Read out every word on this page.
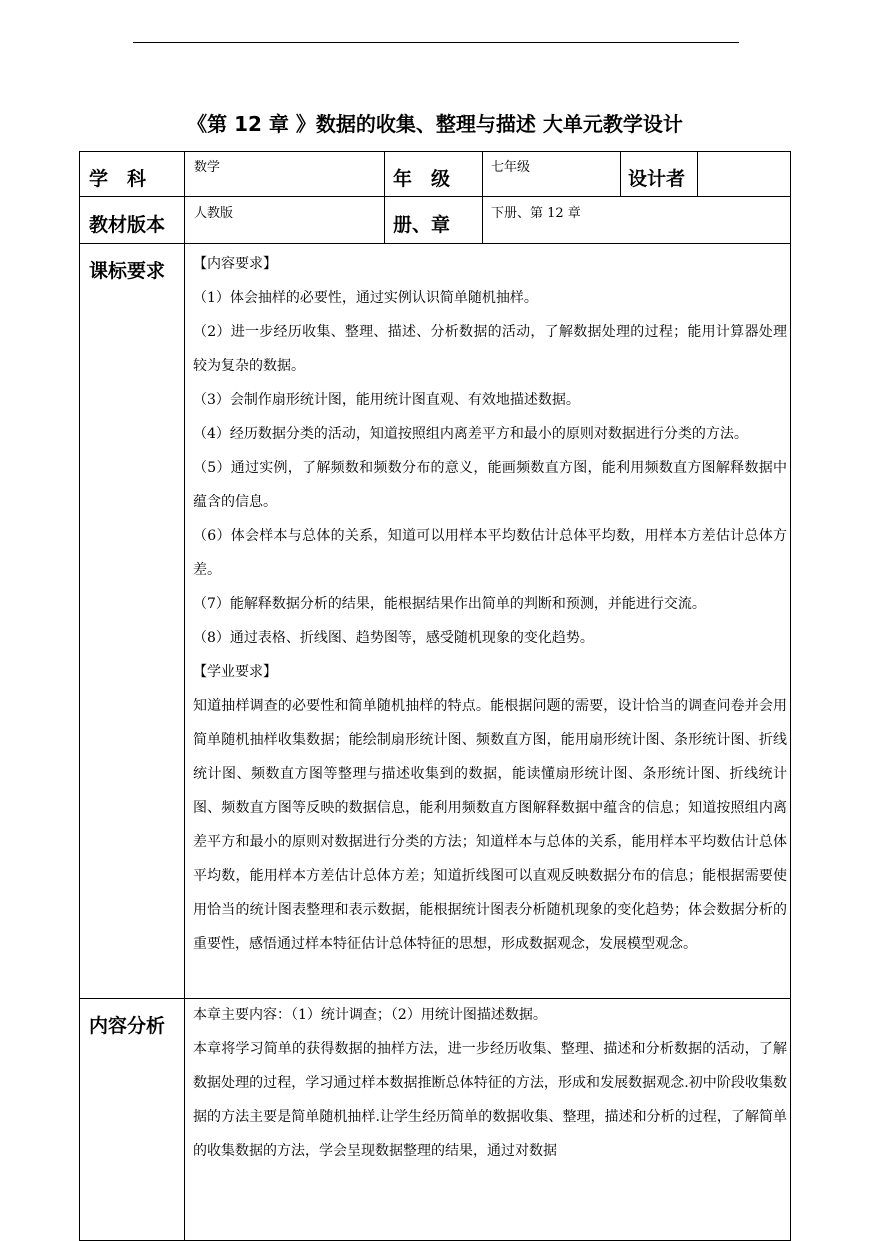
《第 12 章 》数据的收集、整理与描述 大单元教学设计
学　科
数学
年　级
七年级
设计者
教材版本
人教版
册、章
下册、第 12 章
课标要求 【内容要求】

（1）体会抽样的必要性，通过实例认识简单随机抽样。

（2）进一步经历收集、整理、描述、分析数据的活动，了解数据处理的过程；能用计算器处理较为复杂的数据。

（3）会制作扇形统计图，能用统计图直观、有效地描述数据。

（4）经历数据分类的活动，知道按照组内离差平方和最小的原则对数据进行分类的方法。

（5）通过实例，了解频数和频数分布的意义，能画频数直方图，能利用频数直方图解释数据中蕴含的信息。

（6）体会样本与总体的关系，知道可以用样本平均数估计总体平均数，用样本方差估计总体方差。

（7）能解释数据分析的结果，能根据结果作出简单的判断和预测，并能进行交流。

（8）通过表格、折线图、趋势图等，感受随机现象的变化趋势。

【学业要求】

知道抽样调查的必要性和简单随机抽样的特点。能根据问题的需要，设计恰当的调查问卷并会用简单随机抽样收集数据；能绘制扇形统计图、频数直方图，能用扇形统计图、条形统计图、折线统计图、频数直方图等整理与描述收集到的数据，能读懂扇形统计图、条形统计图、折线统计图、频数直方图等反映的数据信息，能利用频数直方图解释数据中蕴含的信息；知道按照组内离差平方和最小的原则对数据进行分类的方法；知道样本与总体的关系，能用样本平均数估计总体平均数，能用样本方差估计总体方差；知道折线图可以直观反映数据分布的信息；能根据需要使用恰当的统计图表整理和表示数据，能根据统计图表分析随机现象的变化趋势；体会数据分析的重要性，感悟通过样本特征估计总体特征的思想，形成数据观念，发展模型观念。

内容分析 本章主要内容：（1）统计调查；（2）用统计图描述数据。

本章将学习简单的获得数据的抽样方法，进一步经历收集、整理、描述和分析数据的活动，了解数据处理的过程，学习通过样本数据推断总体特征的方法，形成和发展数据观念.初中阶段收集数据的方法主要是简单随机抽样.让学生经历简单的数据收集、整理，描述和分析的过程，了解简单的收集数据的方法，学会呈现数据整理的结果，通过对数据
